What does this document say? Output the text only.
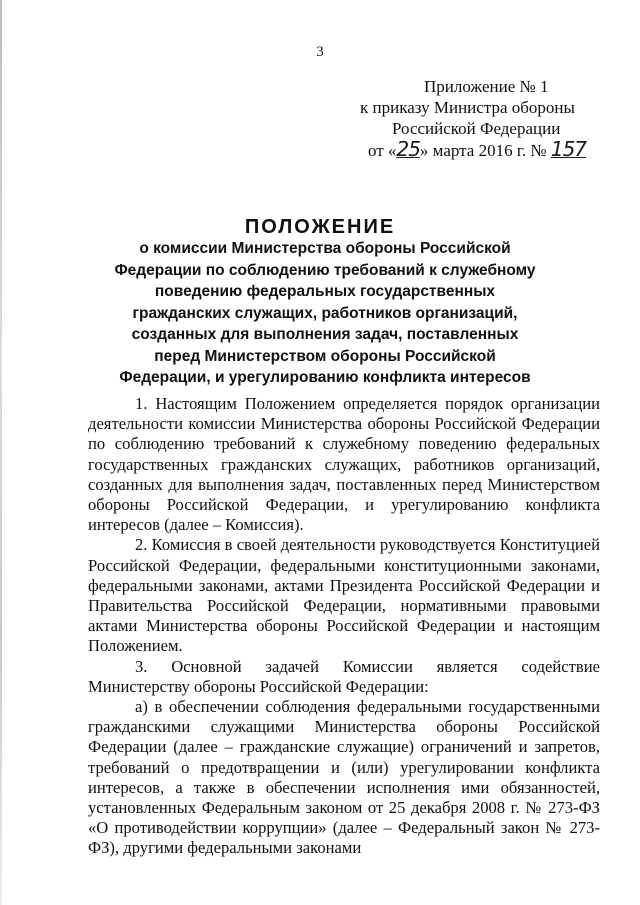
3
Приложение № 1
к приказу Министра обороны
Российской Федерации
от «25» марта 2016 г. № 157
ПОЛОЖЕНИЕ
о комиссии Министерства обороны Российской Федерации по соблюдению требований к служебному поведению федеральных государственных гражданских служащих, работников организаций, созданных для выполнения задач, поставленных перед Министерством обороны Российской Федерации, и урегулированию конфликта интересов

1. Настоящим Положением определяется порядок организации деятельности комиссии Министерства обороны Российской Федерации по соблюдению требований к служебному поведению федеральных государственных гражданских служащих, работников организаций, созданных для выполнения задач, поставленных перед Министерством обороны Российской Федерации, и урегулированию конфликта интересов (далее – Комиссия).

2. Комиссия в своей деятельности руководствуется Конституцией Российской Федерации, федеральными конституционными законами, федеральными законами, актами Президента Российской Федерации и Правительства Российской Федерации, нормативными правовыми актами Министерства обороны Российской Федерации и настоящим Положением.

3. Основной задачей Комиссии является содействие Министерству обороны Российской Федерации:

а) в обеспечении соблюдения федеральными государственными гражданскими служащими Министерства обороны Российской Федерации (далее – гражданские служащие) ограничений и запретов, требований о предотвращении и (или) урегулировании конфликта интересов, а также в обеспечении исполнения ими обязанностей, установленных Федеральным законом от 25 декабря 2008 г. № 273-ФЗ «О противодействии коррупции» (далее – Федеральный закон № 273-ФЗ), другими федеральными законами
